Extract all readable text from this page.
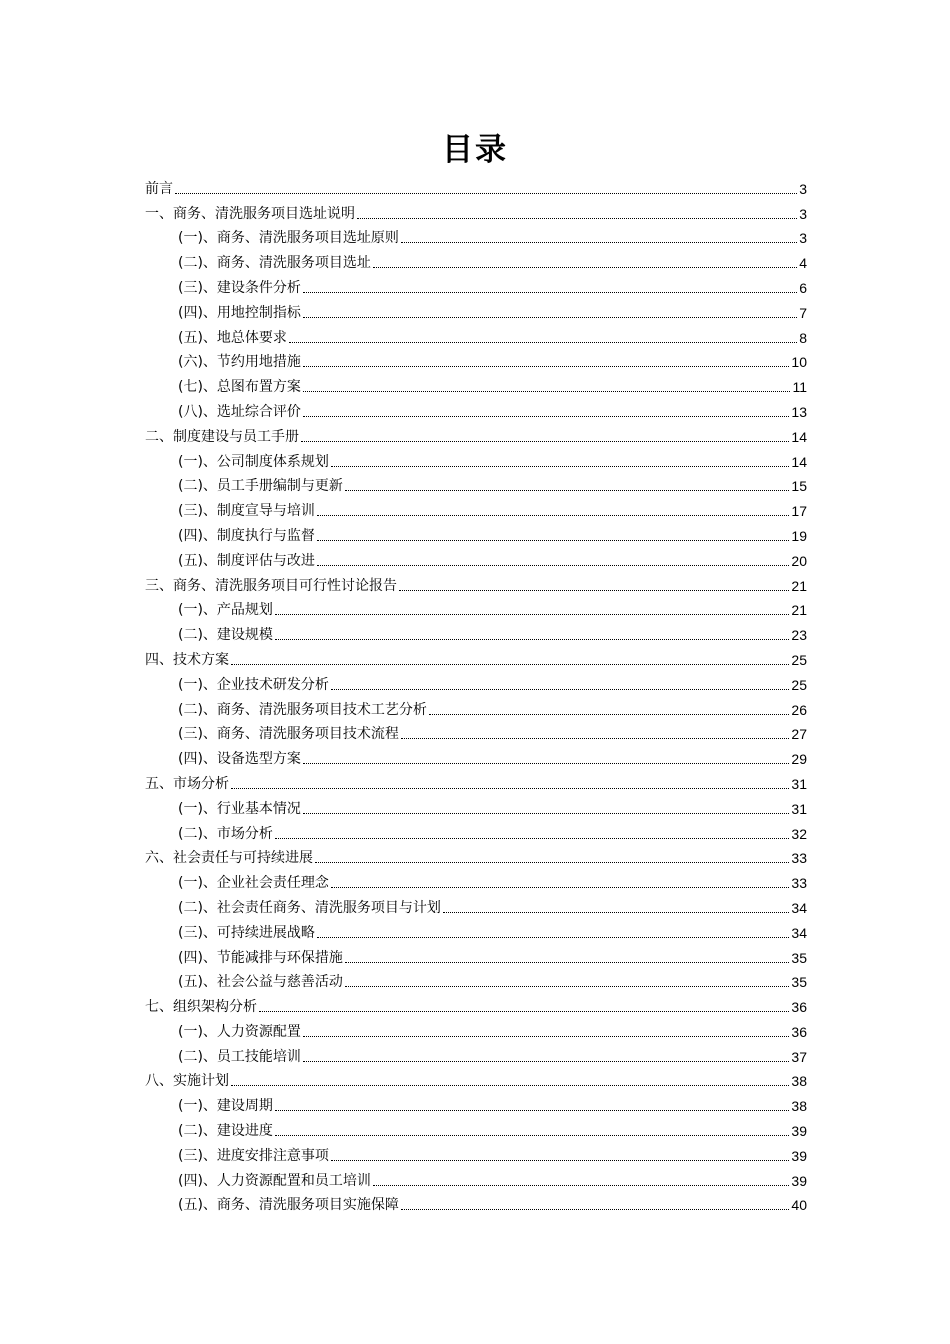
目录
前言	3
一、商务、清洗服务项目选址说明	3
(一)、商务、清洗服务项目选址原则	3
(二)、商务、清洗服务项目选址	4
(三)、建设条件分析	6
(四)、用地控制指标	7
(五)、地总体要求	8
(六)、节约用地措施	10
(七)、总图布置方案	11
(八)、选址综合评价	13
二、制度建设与员工手册	14
(一)、公司制度体系规划	14
(二)、员工手册编制与更新	15
(三)、制度宣导与培训	17
(四)、制度执行与监督	19
(五)、制度评估与改进	20
三、商务、清洗服务项目可行性讨论报告	21
(一)、产品规划	21
(二)、建设规模	23
四、技术方案	25
(一)、企业技术研发分析	25
(二)、商务、清洗服务项目技术工艺分析	26
(三)、商务、清洗服务项目技术流程	27
(四)、设备选型方案	29
五、市场分析	31
(一)、行业基本情况	31
(二)、市场分析	32
六、社会责任与可持续进展	33
(一)、企业社会责任理念	33
(二)、社会责任商务、清洗服务项目与计划	34
(三)、可持续进展战略	34
(四)、节能减排与环保措施	35
(五)、社会公益与慈善活动	35
七、组织架构分析	36
(一)、人力资源配置	36
(二)、员工技能培训	37
八、实施计划	38
(一)、建设周期	38
(二)、建设进度	39
(三)、进度安排注意事项	39
(四)、人力资源配置和员工培训	39
(五)、商务、清洗服务项目实施保障	40
